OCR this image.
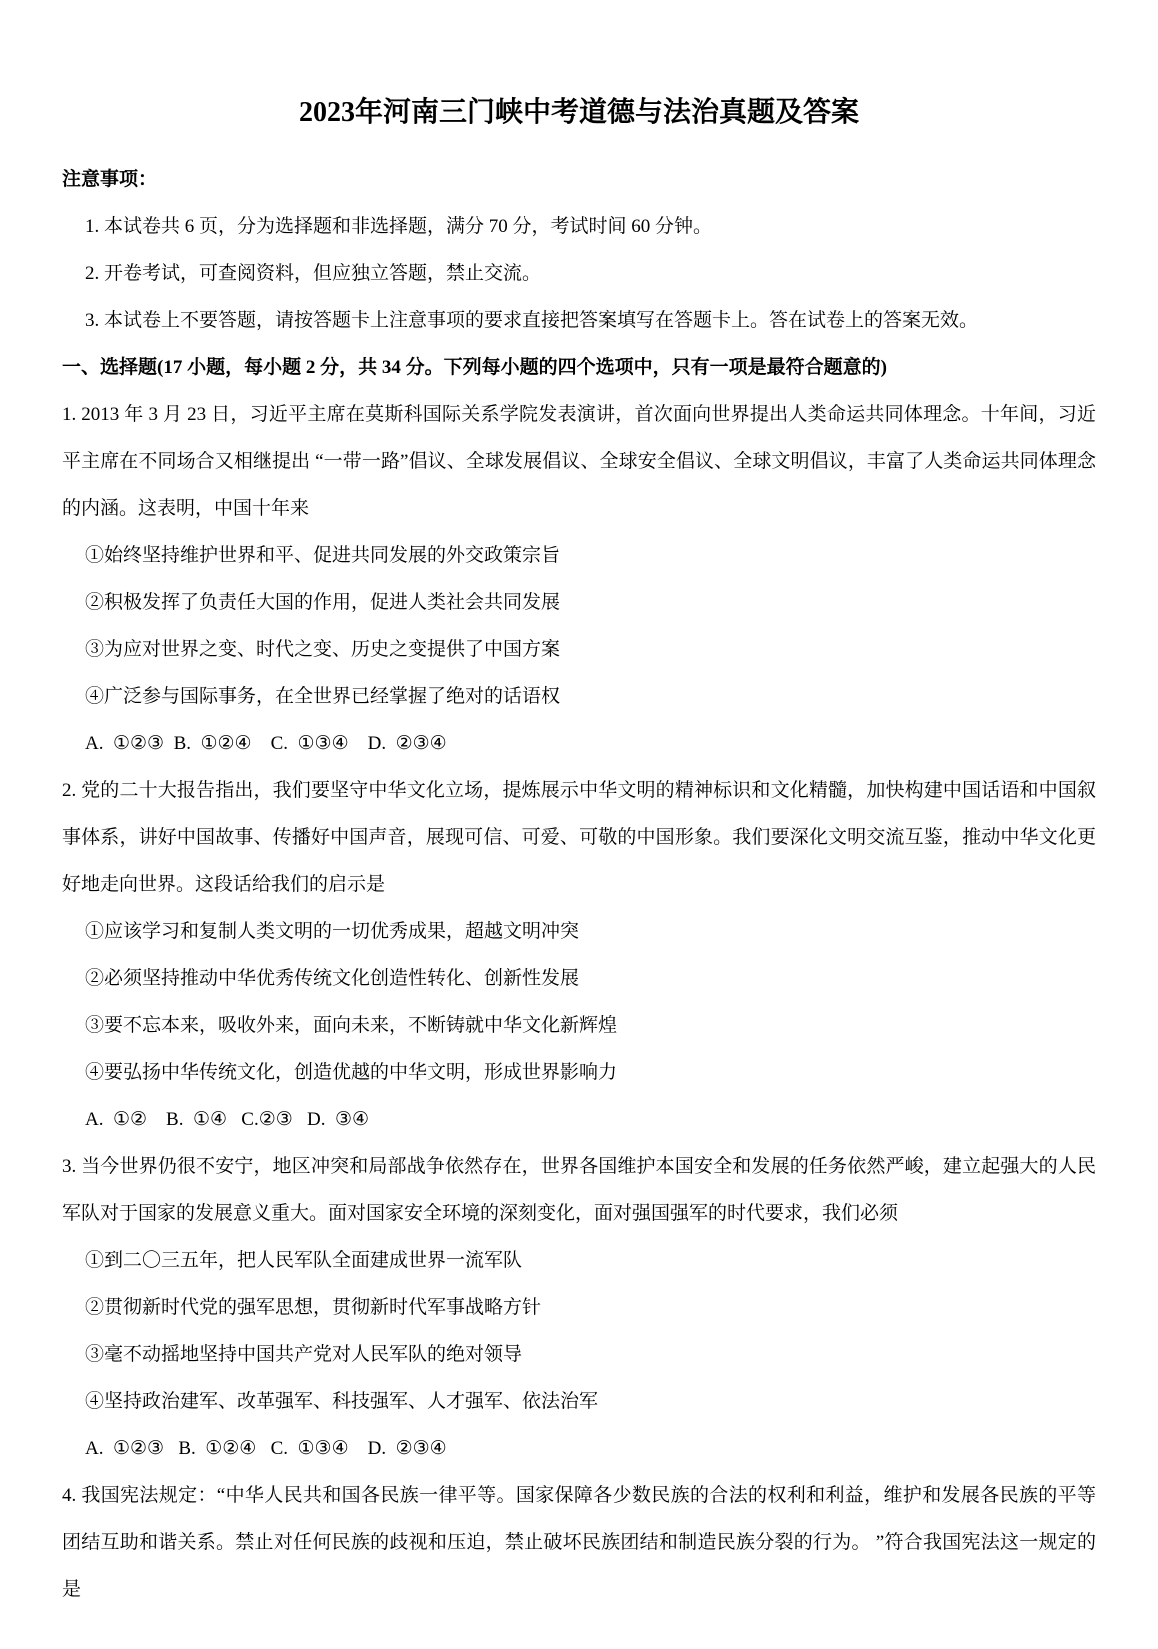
2023年河南三门峡中考道德与法治真题及答案

注意事项：

1. 本试卷共 6 页，分为选择题和非选择题，满分 70 分，考试时间 60 分钟。

2. 开卷考试，可查阅资料，但应独立答题，禁止交流。

3. 本试卷上不要答题，请按答题卡上注意事项的要求直接把答案填写在答题卡上。答在试卷上的答案无效。

一、选择题(17 小题，每小题 2 分，共 34 分。下列每小题的四个选项中，只有一项是最符合题意的)

1. 2013 年 3 月 23 日，习近平主席在莫斯科国际关系学院发表演讲，首次面向世界提出人类命运共同体理念。十年间，习近平主席在不同场合又相继提出 “一带一路”倡议、全球发展倡议、全球安全倡议、全球文明倡议，丰富了人类命运共同体理念的内涵。这表明，中国十年来

①始终坚持维护世界和平、促进共同发展的外交政策宗旨

②积极发挥了负责任大国的作用，促进人类社会共同发展

③为应对世界之变、时代之变、历史之变提供了中国方案

④广泛参与国际事务，在全世界已经掌握了绝对的话语权

A.  ①②③  B.  ①②④    C.  ①③④    D.  ②③④

2. 党的二十大报告指出，我们要坚守中华文化立场，提炼展示中华文明的精神标识和文化精髓，加快构建中国话语和中国叙事体系，讲好中国故事、传播好中国声音，展现可信、可爱、可敬的中国形象。我们要深化文明交流互鉴，推动中华文化更好地走向世界。这段话给我们的启示是

①应该学习和复制人类文明的一切优秀成果，超越文明冲突

②必须坚持推动中华优秀传统文化创造性转化、创新性发展

③要不忘本来，吸收外来，面向未来，不断铸就中华文化新辉煌

④要弘扬中华传统文化，创造优越的中华文明，形成世界影响力

A.  ①②    B.  ①④   C.②③   D.  ③④

3. 当今世界仍很不安宁，地区冲突和局部战争依然存在，世界各国维护本国安全和发展的任务依然严峻，建立起强大的人民军队对于国家的发展意义重大。面对国家安全环境的深刻变化，面对强国强军的时代要求，我们必须

①到二〇三五年，把人民军队全面建成世界一流军队

②贯彻新时代党的强军思想，贯彻新时代军事战略方针

③毫不动摇地坚持中国共产党对人民军队的绝对领导

④坚持政治建军、改革强军、科技强军、人才强军、依法治军

A.  ①②③   B.  ①②④   C.  ①③④    D.  ②③④

4. 我国宪法规定：“中华人民共和国各民族一律平等。国家保障各少数民族的合法的权利和利益，维护和发展各民族的平等团结互助和谐关系。禁止对任何民族的歧视和压迫，禁止破坏民族团结和制造民族分裂的行为。 ”符合我国宪法这一规定的是
